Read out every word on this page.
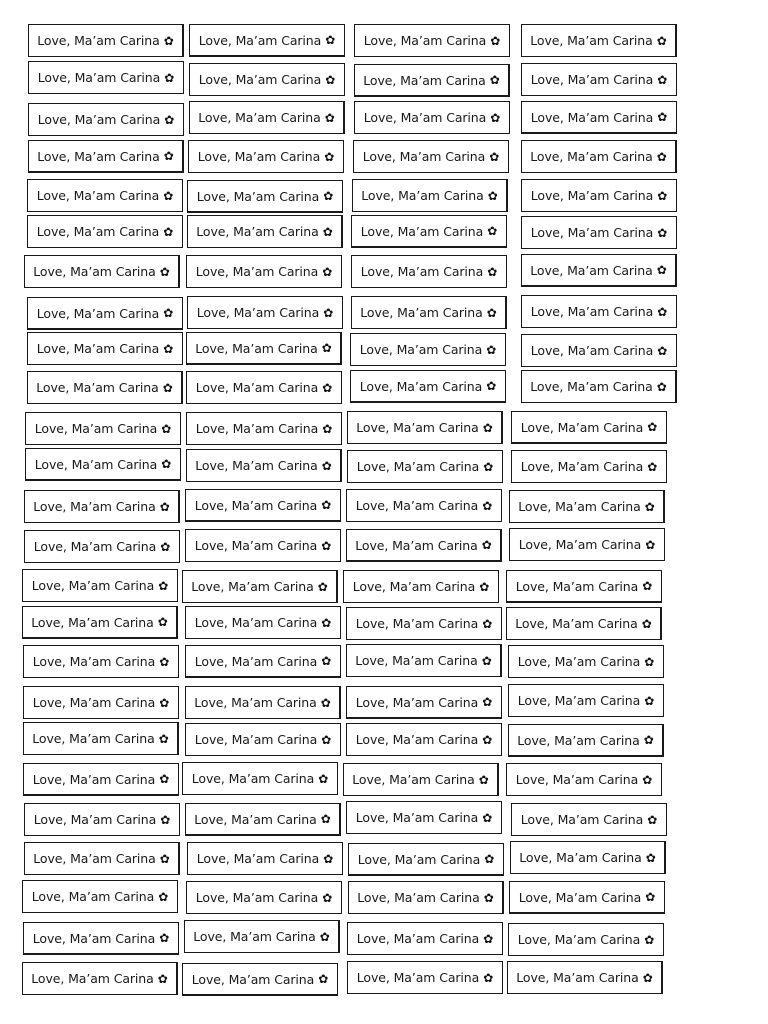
Love, Ma’am Carina ✿ Love, Ma’am Carina ✿ Love, Ma’am Carina ✿ Love, Ma’am Carina ✿
Love, Ma’am Carina ✿ Love, Ma’am Carina ✿ Love, Ma’am Carina ✿ Love, Ma’am Carina ✿
Love, Ma’am Carina ✿ Love, Ma’am Carina ✿ Love, Ma’am Carina ✿ Love, Ma’am Carina ✿
Love, Ma’am Carina ✿ Love, Ma’am Carina ✿ Love, Ma’am Carina ✿ Love, Ma’am Carina ✿
Love, Ma’am Carina ✿ Love, Ma’am Carina ✿ Love, Ma’am Carina ✿	Love, Ma’am Carina ✿
Love, Ma’am Carina ✿ Love, Ma’am Carina ✿ Love, Ma’am Carina ✿	Love, Ma’am Carina ✿
Love, Ma’am Carina ✿ Love, Ma’am Carina ✿ Love, Ma’am Carina ✿	Love, Ma’am Carina ✿
Love, Ma’am Carina ✿ Love, Ma’am Carina ✿ Love, Ma’am Carina ✿	Love, Ma’am Carina ✿
Love, Ma’am Carina ✿ Love, Ma’am Carina ✿ Love, Ma’am Carina ✿	Love, Ma’am Carina ✿
Love, Ma’am Carina ✿ Love, Ma’am Carina ✿ Love, Ma’am Carina ✿	Love, Ma’am Carina ✿
Love, Ma’am Carina ✿ Love, Ma’am Carina ✿ Love, Ma’am Carina ✿ Love, Ma’am Carina ✿
Love, Ma’am Carina ✿ Love, Ma’am Carina ✿ Love, Ma’am Carina ✿ Love, Ma’am Carina ✿
Love, Ma’am Carina ✿ Love, Ma’am Carina ✿ Love, Ma’am Carina ✿ Love, Ma’am Carina ✿
Love, Ma’am Carina ✿ Love, Ma’am Carina ✿ Love, Ma’am Carina ✿ Love, Ma’am Carina ✿
Love, Ma’am Carina ✿ Love, Ma’am Carina ✿ Love, Ma’am Carina ✿ Love, Ma’am Carina ✿
Love, Ma’am Carina ✿ Love, Ma’am Carina ✿ Love, Ma’am Carina ✿ Love, Ma’am Carina ✿
Love, Ma’am Carina ✿ Love, Ma’am Carina ✿ Love, Ma’am Carina ✿ Love, Ma’am Carina ✿
Love, Ma’am Carina ✿ Love, Ma’am Carina ✿ Love, Ma’am Carina ✿ Love, Ma’am Carina ✿
Love, Ma’am Carina ✿ Love, Ma’am Carina ✿ Love, Ma’am Carina ✿ Love, Ma’am Carina ✿
Love, Ma’am Carina ✿ Love, Ma’am Carina ✿ Love, Ma’am Carina ✿ Love, Ma’am Carina ✿
Love, Ma’am Carina ✿ Love, Ma’am Carina ✿ Love, Ma’am Carina ✿ Love, Ma’am Carina ✿
Love, Ma’am Carina ✿ Love, Ma’am Carina ✿ Love, Ma’am Carina ✿ Love, Ma’am Carina ✿
Love, Ma’am Carina ✿ Love, Ma’am Carina ✿ Love, Ma’am Carina ✿ Love, Ma’am Carina ✿
Love, Ma’am Carina ✿ Love, Ma’am Carina ✿ Love, Ma’am Carina ✿ Love, Ma’am Carina ✿
Love, Ma’am Carina ✿ Love, Ma’am Carina ✿ Love, Ma’am Carina ✿ Love, Ma’am Carina ✿
